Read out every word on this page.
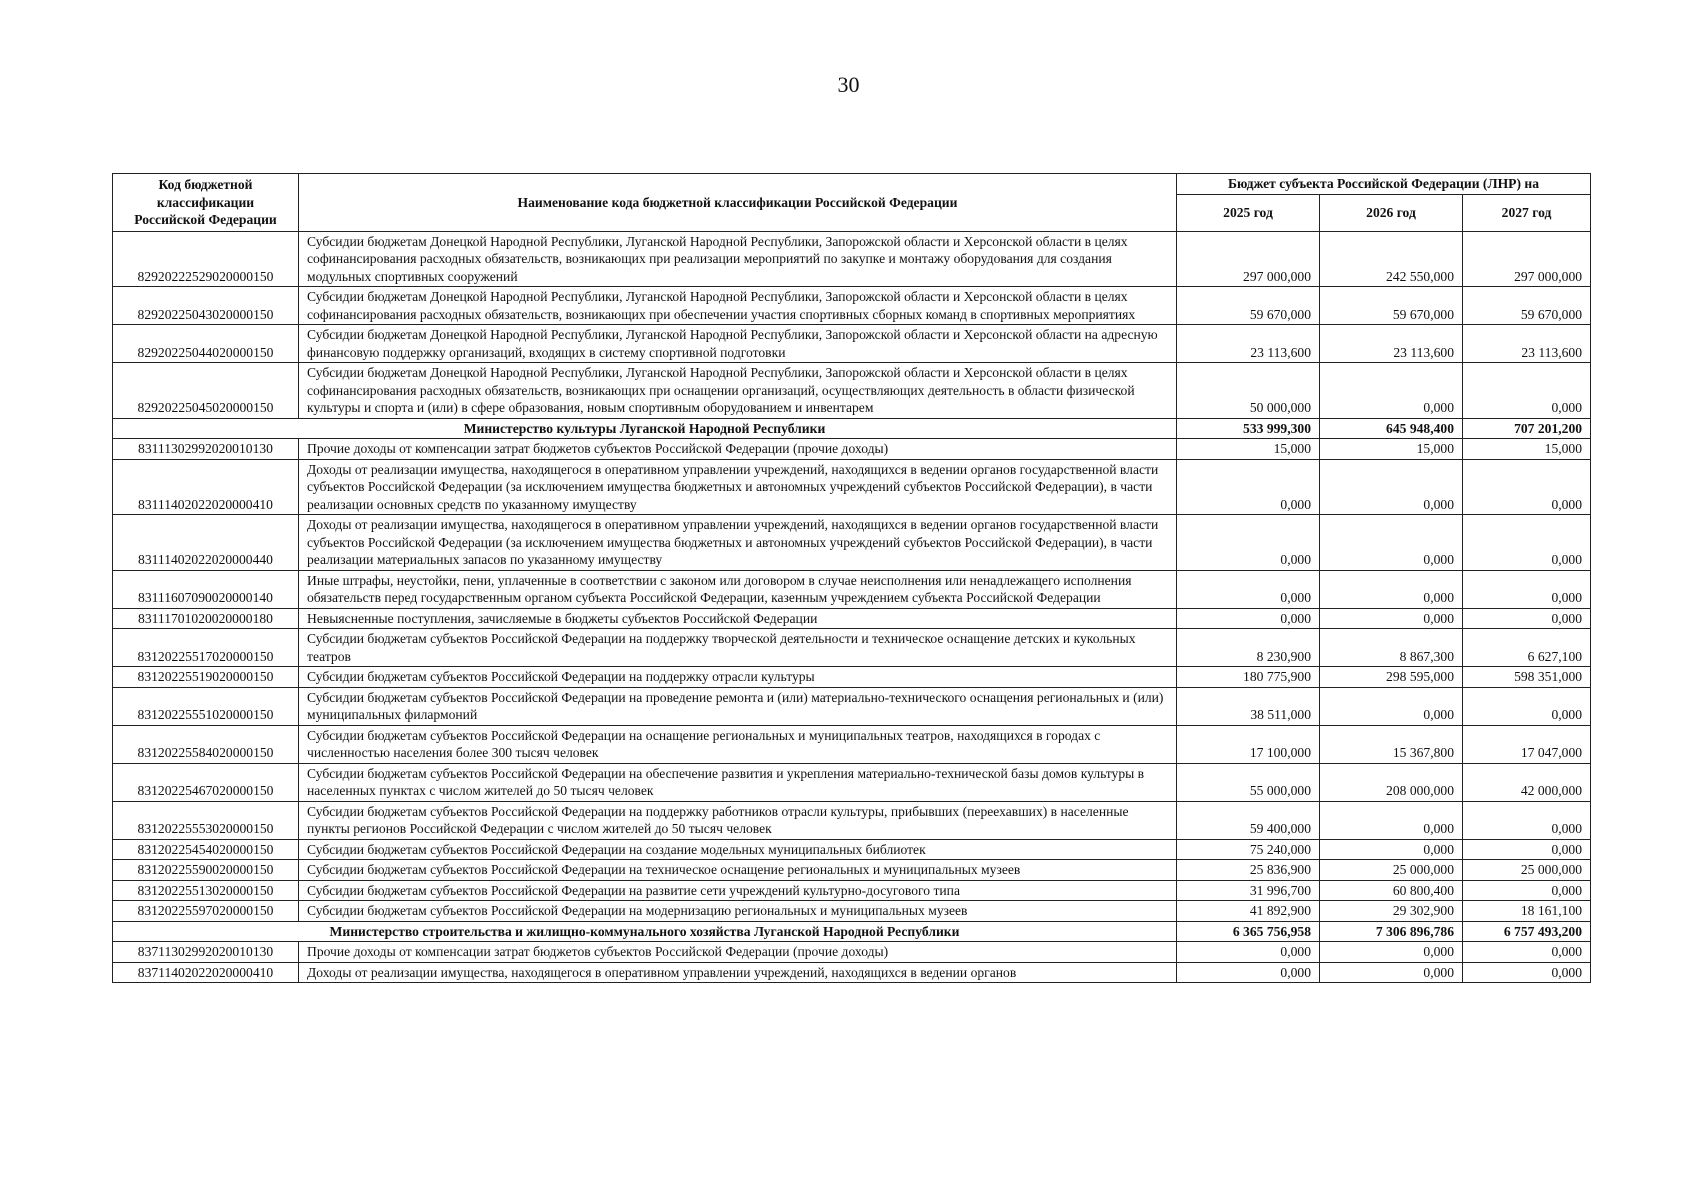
30
Код бюджетной классификации Российской Федерации	Наименование кода бюджетной классификации Российской Федерации	Бюджет субъекта Российской Федерации (ЛНР) на		
		2025 год	2026 год	2027 год
82920222529020000150	Субсидии бюджетам Донецкой Народной Республики, Луганской Народной Республики, Запорожской области и Херсонской области в целях софинансирования расходных обязательств, возникающих при реализации мероприятий по закупке и монтажу оборудования для создания модульных спортивных сооружений	297 000,000	242 550,000	297 000,000
82920225043020000150	Субсидии бюджетам Донецкой Народной Республики, Луганской Народной Республики, Запорожской области и Херсонской области в целях софинансирования расходных обязательств, возникающих при обеспечении участия спортивных сборных команд в спортивных мероприятиях	59 670,000	59 670,000	59 670,000
82920225044020000150	Субсидии бюджетам Донецкой Народной Республики, Луганской Народной Республики, Запорожской области и Херсонской области на адресную финансовую поддержку организаций, входящих в систему спортивной подготовки	23 113,600	23 113,600	23 113,600
82920225045020000150	Субсидии бюджетам Донецкой Народной Республики, Луганской Народной Республики, Запорожской области и Херсонской области в целях софинансирования расходных обязательств, возникающих при оснащении организаций, осуществляющих деятельность в области физической культуры и спорта и (или) в сфере образования, новым спортивным оборудованием и инвентарем	50 000,000	0,000	0,000
Министерство культуры Луганской Народной Республики		533 999,300	645 948,400	707 201,200
83111302992020010130	Прочие доходы от компенсации затрат бюджетов субъектов Российской Федерации (прочие доходы)	15,000	15,000	15,000
83111402022020000410	Доходы от реализации имущества, находящегося в оперативном управлении учреждений, находящихся в ведении органов государственной власти субъектов Российской Федерации (за исключением имущества бюджетных и автономных учреждений субъектов Российской Федерации), в части реализации основных средств по указанному имуществу	0,000	0,000	0,000
83111402022020000440	Доходы от реализации имущества, находящегося в оперативном управлении учреждений, находящихся в ведении органов государственной власти субъектов Российской Федерации (за исключением имущества бюджетных и автономных учреждений субъектов Российской Федерации), в части реализации материальных запасов по указанному имуществу	0,000	0,000	0,000
83111607090020000140	Иные штрафы, неустойки, пени, уплаченные в соответствии с законом или договором в случае неисполнения или ненадлежащего исполнения обязательств перед государственным органом субъекта Российской Федерации, казенным учреждением субъекта Российской Федерации	0,000	0,000	0,000
83111701020020000180	Невыясненные поступления, зачисляемые в бюджеты субъектов Российской Федерации	0,000	0,000	0,000
83120225517020000150	Субсидии бюджетам субъектов Российской Федерации на поддержку творческой деятельности и техническое оснащение детских и кукольных театров	8 230,900	8 867,300	6 627,100
83120225519020000150	Субсидии бюджетам субъектов Российской Федерации на поддержку отрасли культуры	180 775,900	298 595,000	598 351,000
83120225551020000150	Субсидии бюджетам субъектов Российской Федерации на проведение ремонта и (или) материально-технического оснащения региональных и (или) муниципальных филармоний	38 511,000	0,000	0,000
83120225584020000150	Субсидии бюджетам субъектов Российской Федерации на оснащение региональных и муниципальных театров, находящихся в городах с численностью населения более 300 тысяч человек	17 100,000	15 367,800	17 047,000
83120225467020000150	Субсидии бюджетам субъектов Российской Федерации на обеспечение развития и укрепления материально-технической базы домов культуры в населенных пунктах с числом жителей до 50 тысяч человек	55 000,000	208 000,000	42 000,000
83120225553020000150	Субсидии бюджетам субъектов Российской Федерации на поддержку работников отрасли культуры, прибывших (переехавших) в населенные пункты регионов Российской Федерации с числом жителей до 50 тысяч человек	59 400,000	0,000	0,000
83120225454020000150	Субсидии бюджетам субъектов Российской Федерации на создание модельных муниципальных библиотек	75 240,000	0,000	0,000
83120225590020000150	Субсидии бюджетам субъектов Российской Федерации на техническое оснащение региональных и муниципальных музеев	25 836,900	25 000,000	25 000,000
83120225513020000150	Субсидии бюджетам субъектов Российской Федерации на развитие сети учреждений культурно-досугового типа	31 996,700	60 800,400	0,000
83120225597020000150	Субсидии бюджетам субъектов Российской Федерации на модернизацию региональных и муниципальных музеев	41 892,900	29 302,900	18 161,100
Министерство строительства и жилищно-коммунального хозяйства Луганской Народной Республики		6 365 756,958	7 306 896,786	6 757 493,200
83711302992020010130	Прочие доходы от компенсации затрат бюджетов субъектов Российской Федерации (прочие доходы)	0,000	0,000	0,000
83711402022020000410	Доходы от реализации имущества, находящегося в оперативном управлении учреждений, находящихся в ведении органов	0,000	0,000	0,000
